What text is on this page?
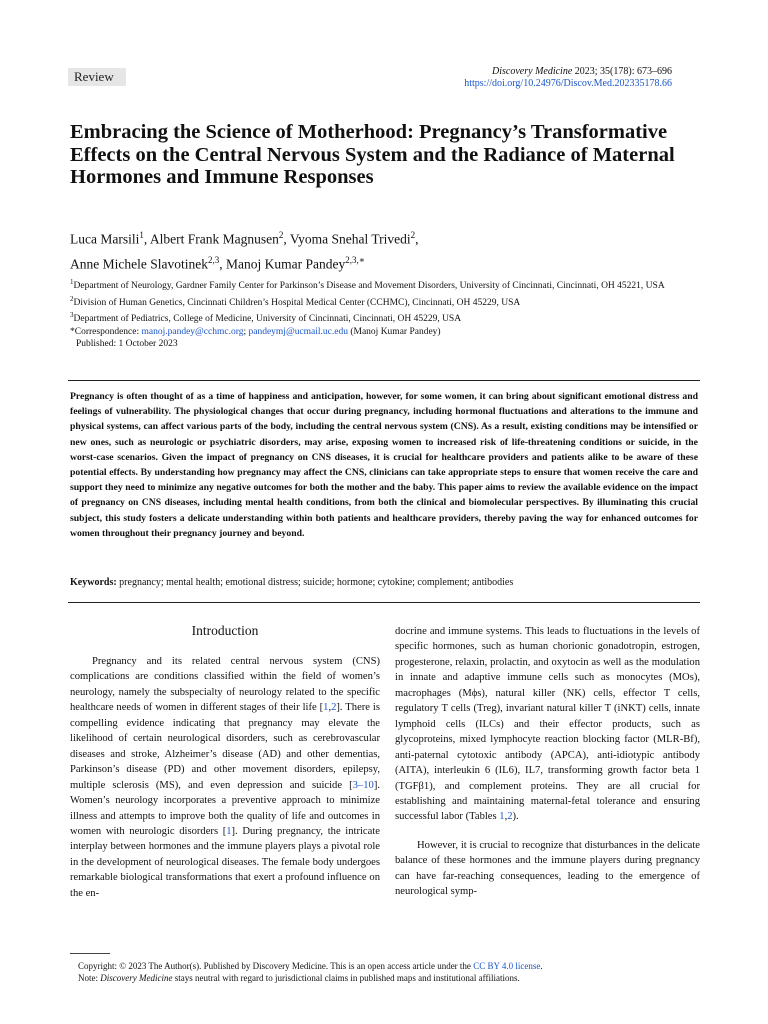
Review	Discovery Medicine 2023; 35(178): 673–696
https://doi.org/10.24976/Discov.Med.202335178.66
Embracing the Science of Motherhood: Pregnancy’s Transformative Effects on the Central Nervous System and the Radiance of Maternal Hormones and Immune Responses
Luca Marsili$^1$, Albert Frank Magnusen$^2$, Vyoma Snehal Trivedi$^2$,
Anne Michele Slavotinek$^{2,3}$, Manoj Kumar Pandey$^{2,3,∗}$
$^1$Department of Neurology, Gardner Family Center for Parkinson’s Disease and Movement Disorders, University of Cincinnati, Cincinnati, OH 45221, USA
$^2$Division of Human Genetics, Cincinnati Children’s Hospital Medical Center (CCHMC), Cincinnati, OH 45229, USA
$^3$Department of Pediatrics, College of Medicine, University of Cincinnati, Cincinnati, OH 45229, USA
*Correspondence: manoj.pandey@cchmc.org; pandeymj@ucmail.uc.edu (Manoj Kumar Pandey)
Published: 1 October 2023

Pregnancy is often thought of as a time of happiness and anticipation, however, for some women, it can bring about significant emotional distress and feelings of vulnerability. The physiological changes that occur during pregnancy, including hormonal fluctuations and alterations to the immune and physical systems, can affect various parts of the body, including the central nervous system (CNS). As a result, existing conditions may be intensified or new ones, such as neurologic or psychiatric disorders, may arise, exposing women to increased risk of life-threatening conditions or suicide, in the worst-case scenarios. Given the impact of pregnancy on CNS diseases, it is crucial for healthcare providers and patients alike to be aware of these potential effects. By understanding how pregnancy may affect the CNS, clinicians can take appropriate steps to ensure that women receive the care and support they need to minimize any negative outcomes for both the mother and the baby. This paper aims to review the available evidence on the impact of pregnancy on CNS diseases, including mental health conditions, from both the clinical and biomolecular perspectives. By illuminating this crucial subject, this study fosters a delicate understanding within both patients and healthcare providers, thereby paving the way for enhanced outcomes for women throughout their pregnancy journey and beyond.

Keywords: pregnancy; mental health; emotional distress; suicide; hormone; cytokine; complement; antibodies
Introduction

Pregnancy and its related central nervous system (CNS) complications are conditions classified within the field of women’s neurology, namely the subspecialty of neurology related to the specific healthcare needs of women in different stages of their life [1,2]. There is compelling evidence indicating that pregnancy may elevate the likelihood of certain neurological disorders, such as cerebrovascular diseases and stroke, Alzheimer’s disease (AD) and other dementias, Parkinson’s disease (PD) and other movement disorders, epilepsy, multiple sclerosis (MS), and even depression and suicide [3–10]. Women’s neurology incorporates a preventive approach to minimize illness and attempts to improve both the quality of life and outcomes in women with neurologic disorders [1]. During pregnancy, the intricate interplay between hormones and the immune players plays a pivotal role in the development of neurological diseases. The female body undergoes remarkable biological transformations that exert a profound influence on the en-

docrine and immune systems. This leads to fluctuations in the levels of specific hormones, such as human chorionic gonadotropin, estrogen, progesterone, relaxin, prolactin, and oxytocin as well as the modulation in innate and adaptive immune cells such as monocytes (MOs), macrophages (Mϕs), natural killer (NK) cells, effector T cells, regulatory T cells (Treg), invariant natural killer T (iNKT) cells, innate lymphoid cells (ILCs) and their effector products, such as glycoproteins, mixed lymphocyte reaction blocking factor (MLR-Bf), anti-paternal cytotoxic antibody (APCA), anti-idiotypic antibody (AITA), interleukin 6 (IL6), IL7, transforming growth factor beta 1 (TGFβ1), and complement proteins. They are all crucial for establishing and maintaining maternal-fetal tolerance and ensuring successful labor (Tables 1,2).

However, it is crucial to recognize that disturbances in the delicate balance of these hormones and the immune players during pregnancy can have far-reaching consequences, leading to the emergence of neurological symp-

Copyright: © 2023 The Author(s). Published by Discovery Medicine. This is an open access article under the CC BY 4.0 license.
Note: Discovery Medicine stays neutral with regard to jurisdictional claims in published maps and institutional affiliations.
